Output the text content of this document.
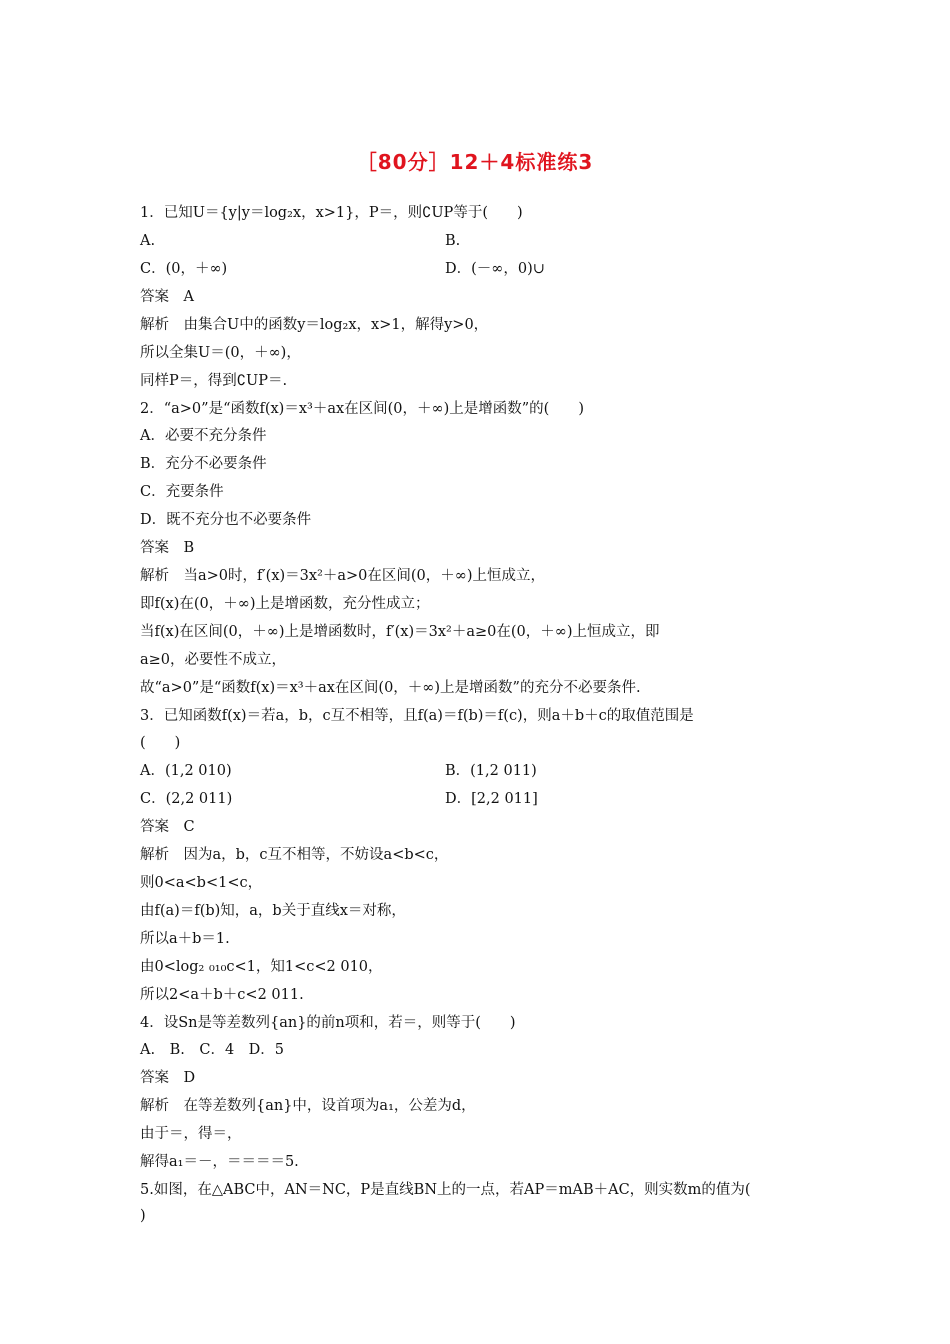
［80分］12＋4标准练3
1．已知U＝{y|y＝log₂x，x>1}，P＝，则∁UP等于(　　)
A.	B.
C．(0，＋∞)	D．(－∞，0)∪
答案　A
解析　由集合U中的函数y＝log₂x，x>1，解得y>0，
所以全集U＝(0，＋∞)，
同样P＝，得到∁UP＝.
2．“a>0”是“函数f(x)＝x³＋ax在区间(0，＋∞)上是增函数”的(　　)
A．必要不充分条件
B．充分不必要条件
C．充要条件
D．既不充分也不必要条件
答案　B
解析　当a>0时，f′(x)＝3x²＋a>0在区间(0，＋∞)上恒成立，
即f(x)在(0，＋∞)上是增函数，充分性成立；
当f(x)在区间(0，＋∞)上是增函数时，f′(x)＝3x²＋a≥0在(0，＋∞)上恒成立，即
a≥0，必要性不成立，
故“a>0”是“函数f(x)＝x³＋ax在区间(0，＋∞)上是增函数”的充分不必要条件.
3．已知函数f(x)＝若a，b，c互不相等，且f(a)＝f(b)＝f(c)，则a＋b＋c的取值范围是
(　　)
A．(1,2 010)	B．(1,2 011)
C．(2,2 011)	D．[2,2 011]
答案　C
解析　因为a，b，c互不相等，不妨设a<b<c，
则0<a<b<1<c，
由f(a)＝f(b)知，a，b关于直线x＝对称，
所以a＋b＝1.
由0<log₂ ₀₁₀c<1，知1<c<2 010，
所以2<a＋b＋c<2 011.
4．设Sn是等差数列{an}的前n项和，若＝，则等于(　　)
A.　B.　C．4　D．5
答案　D
解析　在等差数列{an}中，设首项为a₁，公差为d，
由于＝，得＝，
解得a₁＝－，＝＝＝＝5.
5.如图，在△ABC中，AN＝NC，P是直线BN上的一点，若AP＝mAB＋AC，则实数m的值为(
)
